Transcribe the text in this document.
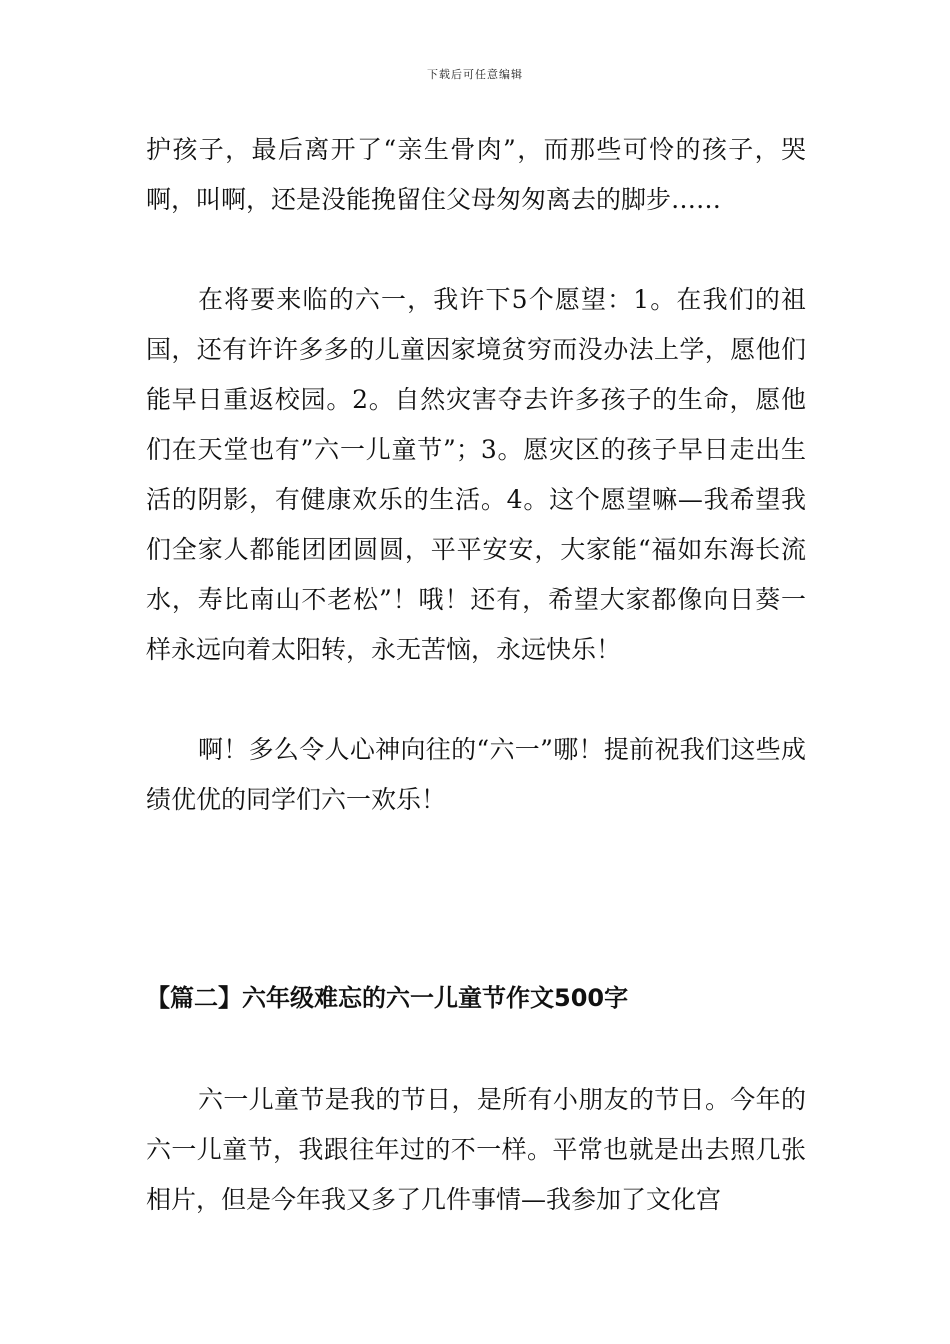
下载后可任意编辑

护孩子，最后离开了“亲生骨肉”，而那些可怜的孩子，哭啊，叫啊，还是没能挽留住父母匆匆离去的脚步……

在将要来临的六一，我许下5个愿望：1。在我们的祖国，还有许许多多的儿童因家境贫穷而没办法上学，愿他们能早日重返校园。2。自然灾害夺去许多孩子的生命，愿他们在天堂也有”六一儿童节”；3。愿灾区的孩子早日走出生活的阴影，有健康欢乐的生活。4。这个愿望嘛—我希望我们全家人都能团团圆圆，平平安安，大家能“福如东海长流水，寿比南山不老松”！哦！还有，希望大家都像向日葵一样永远向着太阳转，永无苦恼，永远快乐！

啊！多么令人心神向往的“六一”哪！提前祝我们这些成绩优优的同学们六一欢乐！

【篇二】六年级难忘的六一儿童节作文500字

六一儿童节是我的节日，是所有小朋友的节日。今年的六一儿童节，我跟往年过的不一样。平常也就是出去照几张相片，但是今年我又多了几件事情—我参加了文化宫
